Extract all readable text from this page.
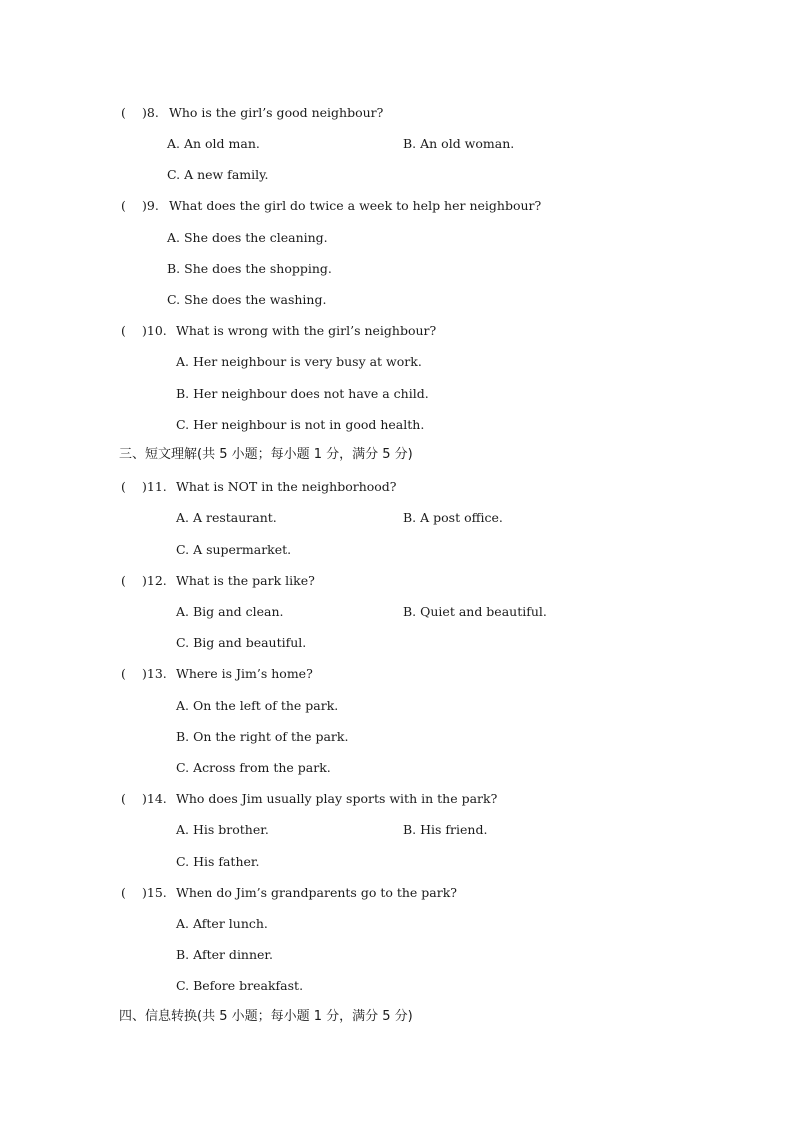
( )8. Who is the girl’s good neighbour?
A. An old man.	B. An old woman.
C. A new family.
( )9. What does the girl do twice a week to help her neighbour?
A. She does the cleaning.
B. She does the shopping.
C. She does the washing.
( )10. What is wrong with the girl’s neighbour?
A. Her neighbour is very busy at work.
B. Her neighbour does not have a child.
C. Her neighbour is not in good health.
三、短文理解(共 5 小题；每小题 1 分，满分 5 分)
( )11. What is NOT in the neighborhood?
A. A restaurant.	B. A post office.
C. A supermarket.
( )12. What is the park like?
A. Big and clean.	B. Quiet and beautiful.
C. Big and beautiful.
( )13. Where is Jim’s home?
A. On the left of the park.
B. On the right of the park.
C. Across from the park.
( )14. Who does Jim usually play sports with in the park?
A. His brother.	B. His friend.
C. His father.
( )15. When do Jim’s grandparents go to the park?
A. After lunch.
B. After dinner.
C. Before breakfast.
四、信息转换(共 5 小题；每小题 1 分，满分 5 分)
